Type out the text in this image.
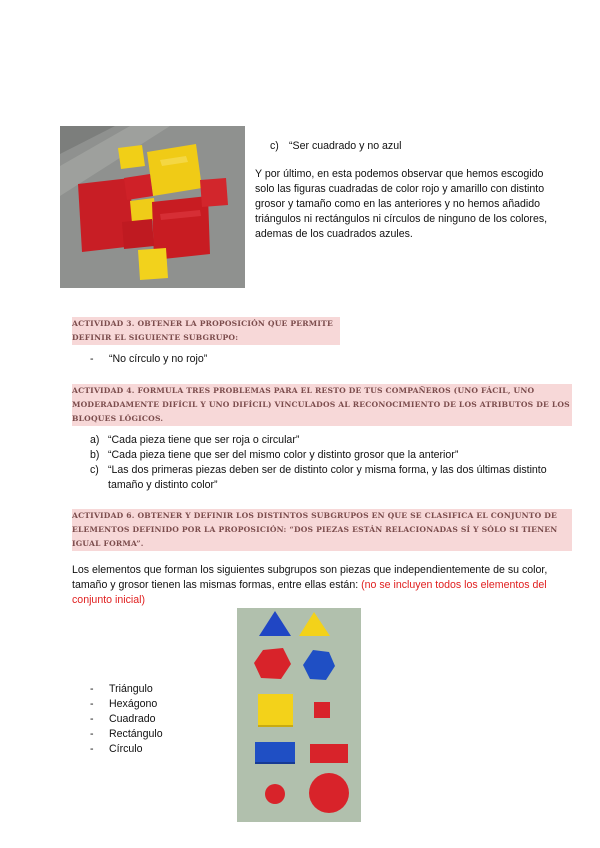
c) “Ser cuadrado y no azul
Y por último, en esta podemos observar que hemos escogido solo las figuras cuadradas de color rojo y amarillo con distinto grosor y tamaño como en las anteriores y no hemos añadido triángulos ni rectángulos ni círculos de ninguno de los colores, ademas de los cuadrados azules.
ACTIVIDAD 3. OBTENER LA PROPOSICIÓN QUE PERMITE DEFINIR EL SIGUIENTE SUBGRUPO:
-	“No círculo y no rojo”
ACTIVIDAD 4. FORMULA TRES PROBLEMAS PARA EL RESTO DE TUS COMPAÑEROS (UNO FÁCIL, UNO MODERADAMENTE DIFÍCIL Y UNO DIFÍCIL) VINCULADOS AL RECONOCIMIENTO DE LOS ATRIBUTOS DE LOS BLOQUES LÓGICOS.
a) “Cada pieza tiene que ser roja o circular”
b) “Cada pieza tiene que ser del mismo color y distinto grosor que la anterior”
c) “Las dos primeras piezas deben ser de distinto color y misma forma, y las dos últimas distinto tamaño y distinto color”
ACTIVIDAD 6. OBTENER Y DEFINIR LOS DISTINTOS SUBGRUPOS EN QUE SE CLASIFICA EL CONJUNTO DE ELEMENTOS DEFINIDO POR LA PROPOSICIÓN: “DOS PIEZAS ESTÁN RELACIONADAS SÍ Y SÓLO SI TIENEN IGUAL FORMA”.
Los elementos que forman los siguientes subgrupos son piezas que independientemente de su color, tamaño y grosor tienen las mismas formas, entre ellas están: (no se incluyen todos los elementos del conjunto inicial)
-	Triángulo
-	Hexágono
-	Cuadrado
-	Rectángulo
-	Círculo
